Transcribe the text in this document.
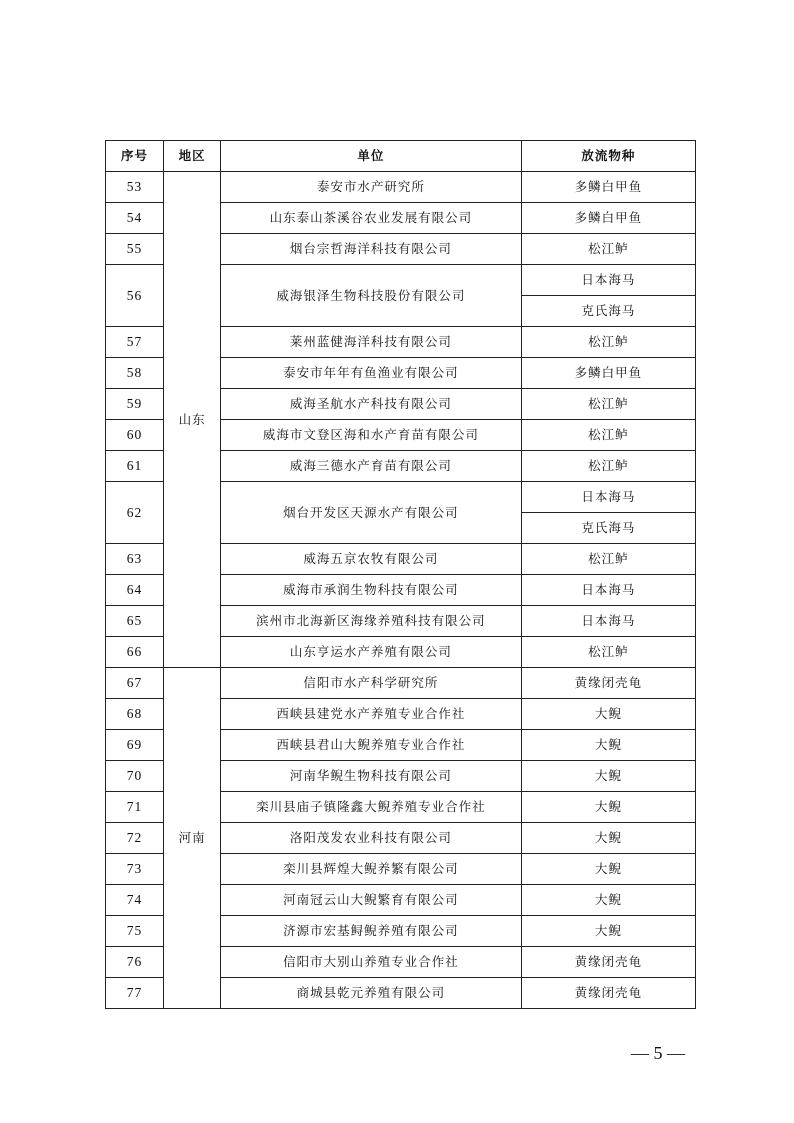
序号	地区	单位	放流物种
53	山东	泰安市水产研究所	多鳞白甲鱼
54		山东泰山茶溪谷农业发展有限公司	多鳞白甲鱼
55		烟台宗哲海洋科技有限公司	松江鲈
56		威海银泽生物科技股份有限公司	日本海马
			克氏海马
57		莱州蓝健海洋科技有限公司	松江鲈
58		泰安市年年有鱼渔业有限公司	多鳞白甲鱼
59		威海圣航水产科技有限公司	松江鲈
60		威海市文登区海和水产育苗有限公司	松江鲈
61		威海三德水产育苗有限公司	松江鲈
62		烟台开发区天源水产有限公司	日本海马
			克氏海马
63		威海五京农牧有限公司	松江鲈
64		威海市承润生物科技有限公司	日本海马
65		滨州市北海新区海缘养殖科技有限公司	日本海马
66		山东亨运水产养殖有限公司	松江鲈
67	河南	信阳市水产科学研究所	黄缘闭壳龟
68		西峡县建党水产养殖专业合作社	大鲵
69		西峡县君山大鲵养殖专业合作社	大鲵
70		河南华鲵生物科技有限公司	大鲵
71		栾川县庙子镇隆鑫大鲵养殖专业合作社	大鲵
72		洛阳茂发农业科技有限公司	大鲵
73		栾川县辉煌大鲵养繁有限公司	大鲵
74		河南冠云山大鲵繁育有限公司	大鲵
75		济源市宏基鲟鲵养殖有限公司	大鲵
76		信阳市大别山养殖专业合作社	黄缘闭壳龟
77		商城县乾元养殖有限公司	黄缘闭壳龟
— 5 —
